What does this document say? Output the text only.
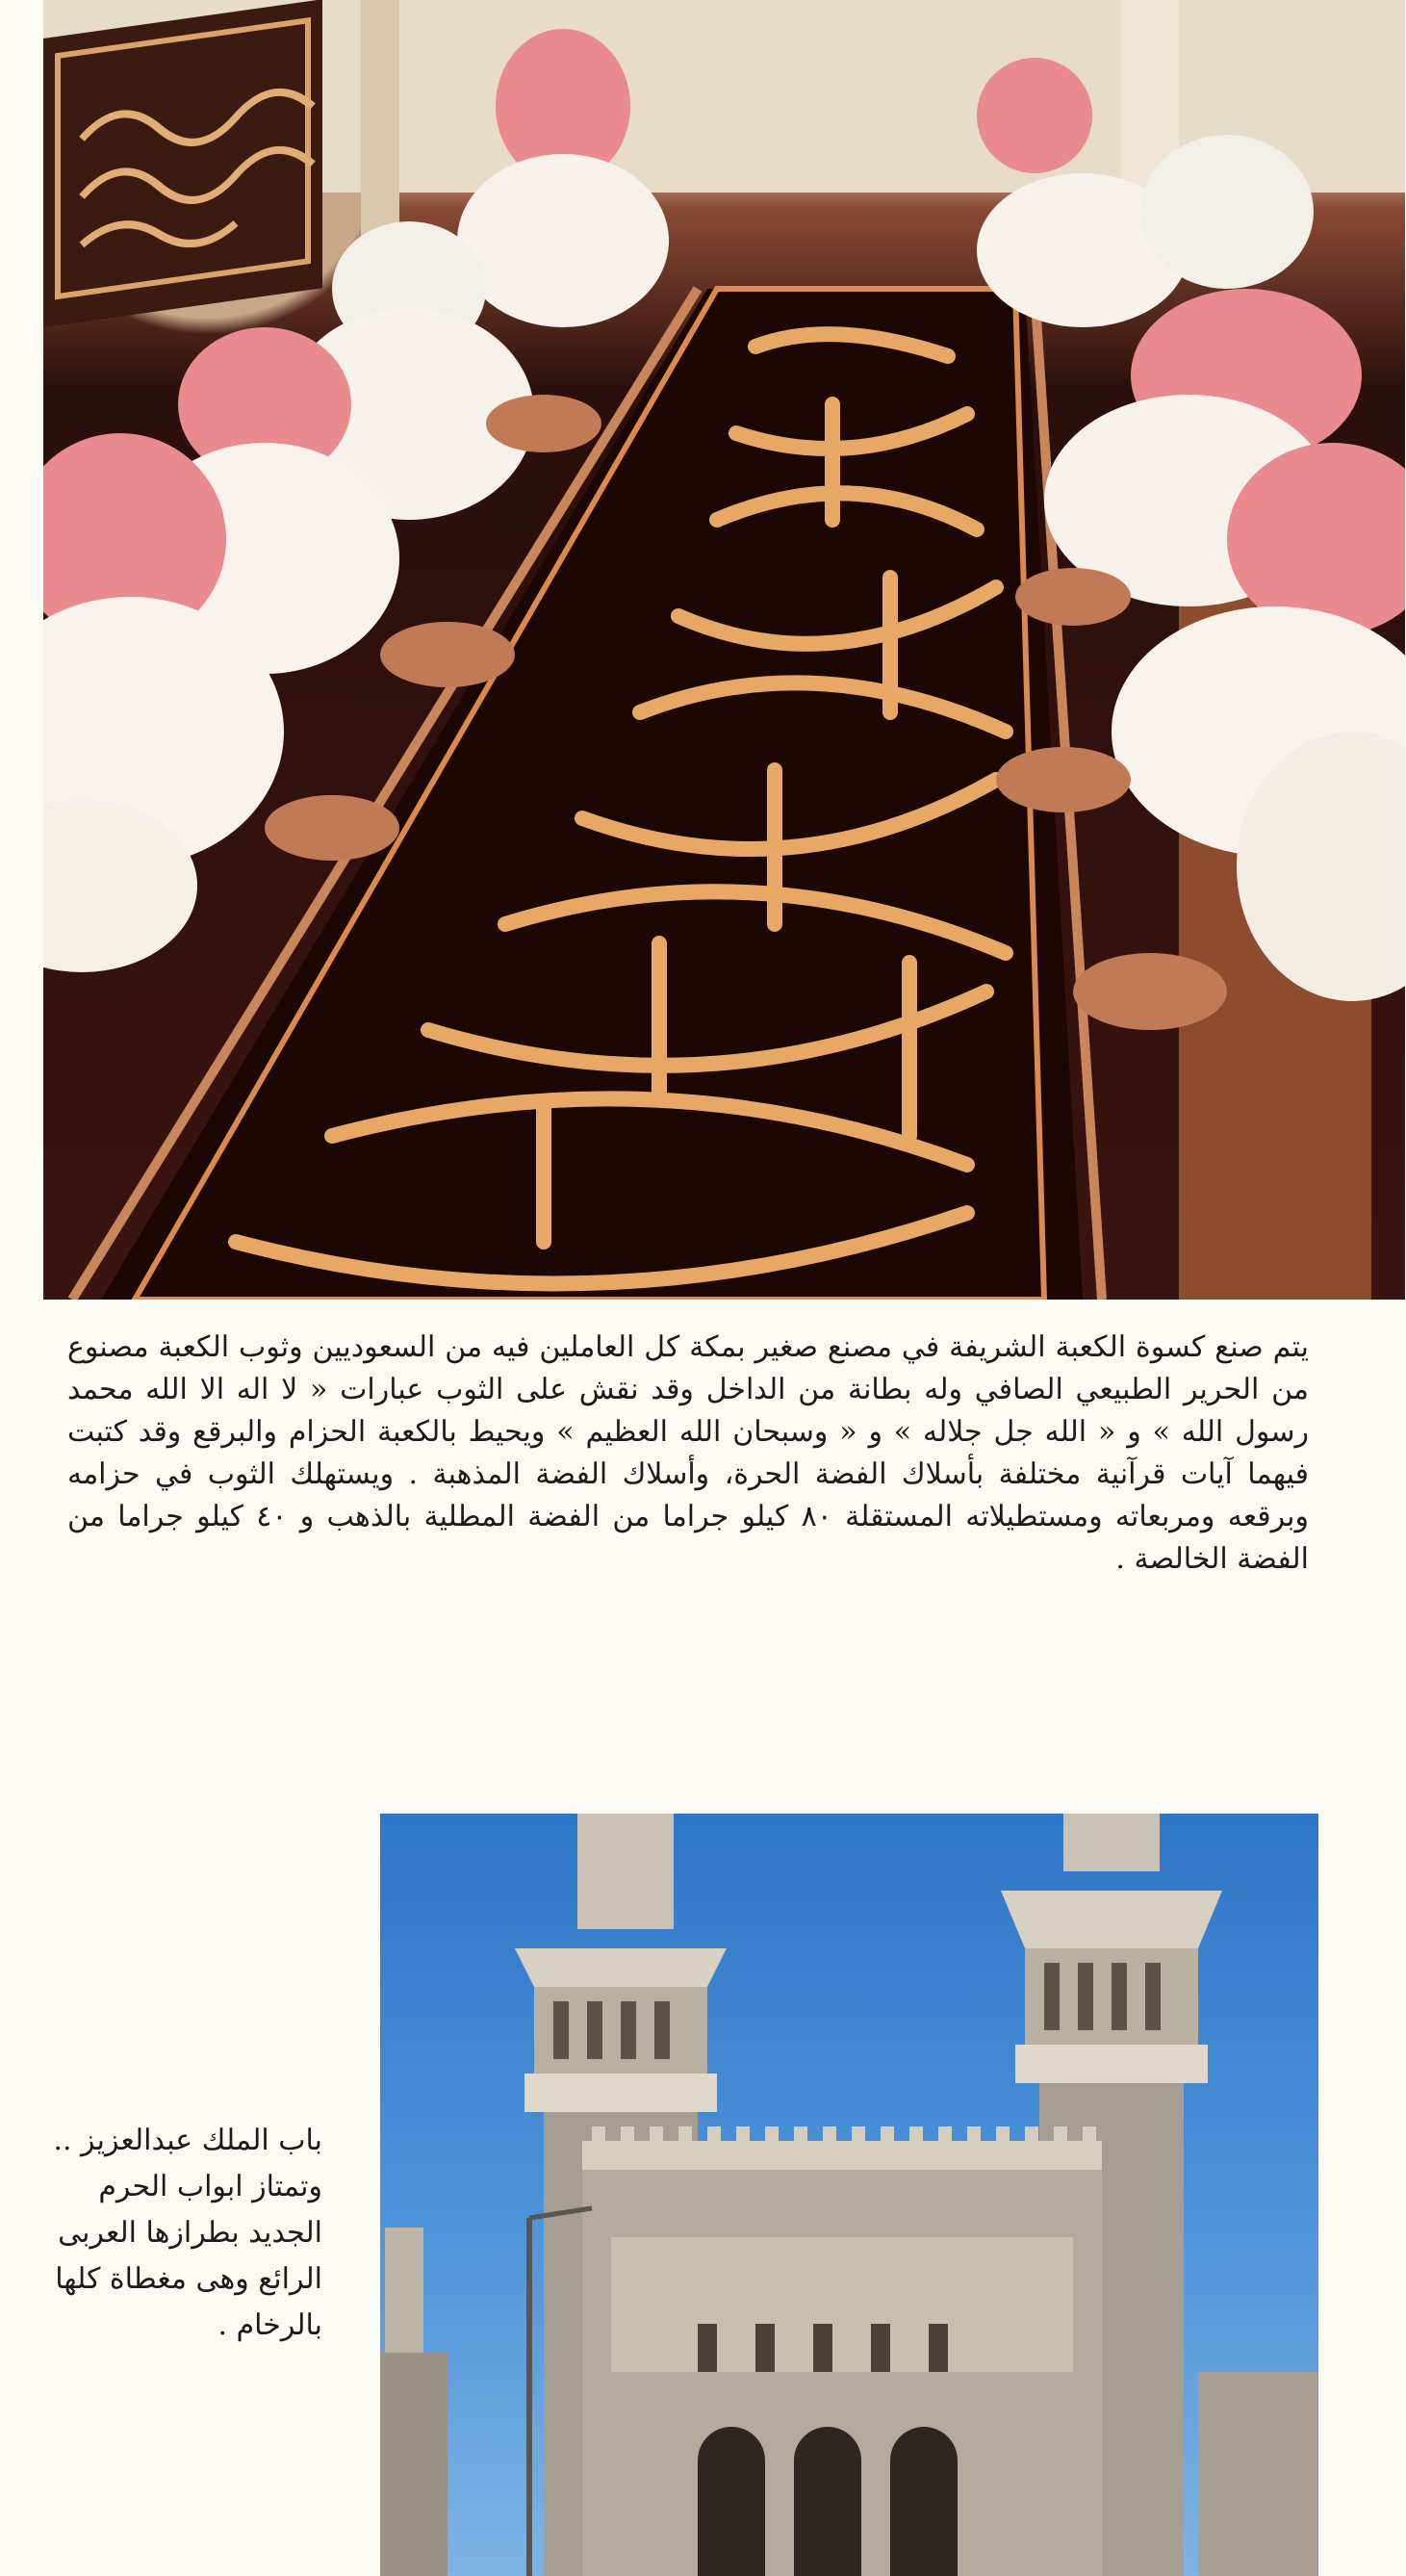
يتم صنع كسوة الكعبة الشريفة في مصنع صغير بمكة كل العاملين فيه من السعوديين وثوب الكعبة مصنوع من الحرير الطبيعي الصافي وله بطانة من الداخل وقد نقش على الثوب عبارات « لا اله الا الله محمد رسول الله » و « الله جل جلاله » و « وسبحان الله العظيم » ويحيط بالكعبة الحزام والبرقع وقد كتبت فيهما آيات قرآنية مختلفة بأسلاك الفضة الحرة، وأسلاك الفضة المذهبة . ويستهلك الثوب في حزامه وبرقعه ومربعاته ومستطيلاته المستقلة ٨٠ كيلو جراما من الفضة المطلية بالذهب و ٤٠ كيلو جراما من الفضة الخالصة .

باب الملك عبدالعزيز .. وتمتاز ابواب الحرم الجديد بطرازها العربى الرائع وهى مغطاة كلها بالرخام .
